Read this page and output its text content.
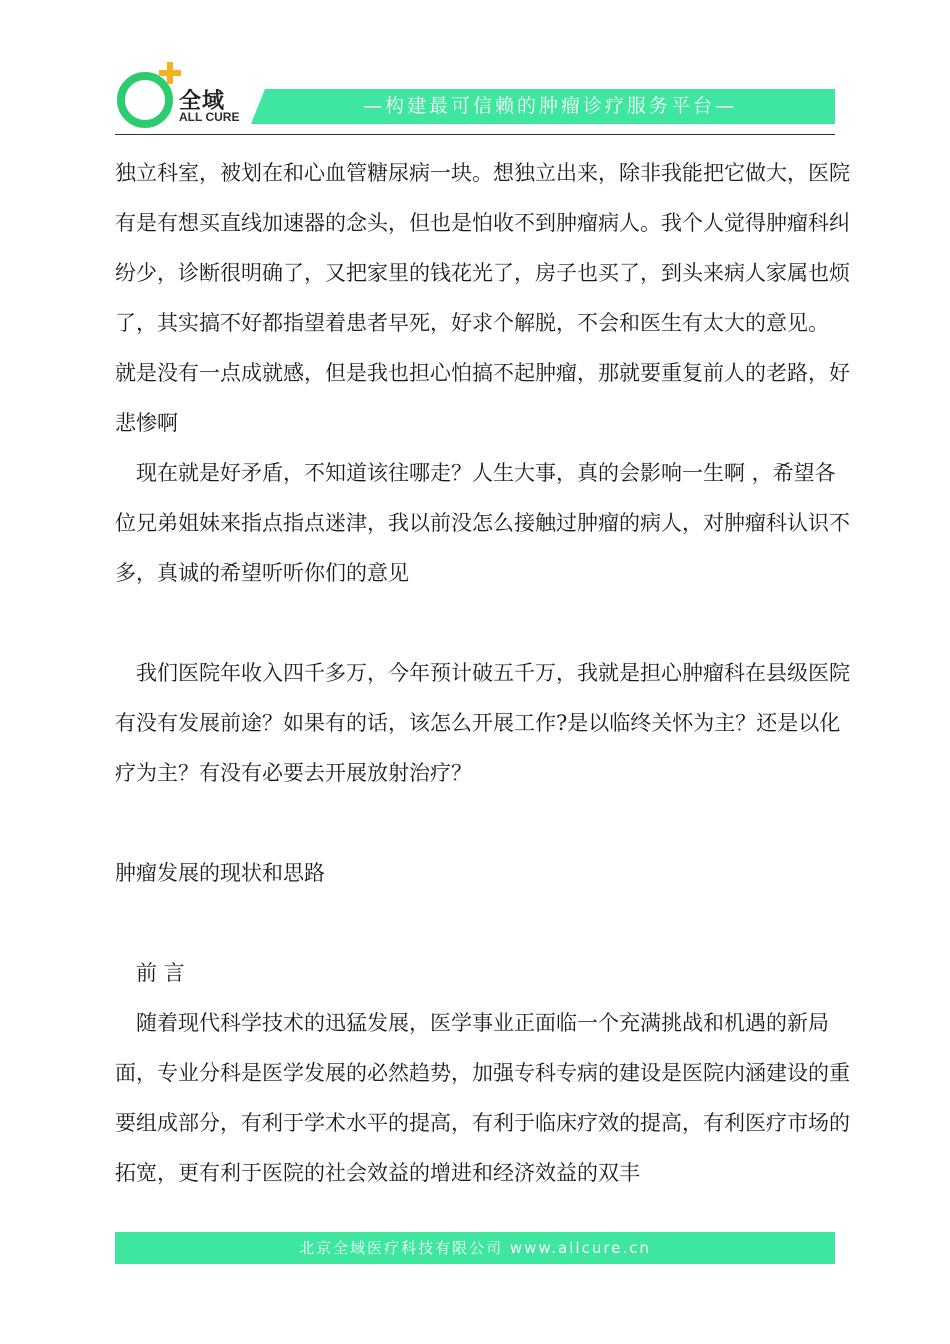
全域
ALL CURE	—构建最可信赖的肿瘤诊疗服务平台—

独立科室，被划在和心血管糖尿病一块。想独立出来，除非我能把它做大，医院有是有想买直线加速器的念头，但也是怕收不到肿瘤病人。我个人觉得肿瘤科纠纷少，诊断很明确了，又把家里的钱花光了，房子也买了，到头来病人家属也烦了，其实搞不好都指望着患者早死，好求个解脱，不会和医生有太大的意见。  就是没有一点成就感，但是我也担心怕搞不起肿瘤，那就要重复前人的老路，好悲惨啊

　现在就是好矛盾，不知道该往哪走？人生大事，真的会影响一生啊 ，希望各位兄弟姐妹来指点指点迷津，我以前没怎么接触过肿瘤的病人，对肿瘤科认识不多，真诚的希望听听你们的意见

　我们医院年收入四千多万，今年预计破五千万，我就是担心肿瘤科在县级医院有没有发展前途？如果有的话，该怎么开展工作?是以临终关怀为主？还是以化疗为主？有没有必要去开展放射治疗？

肿瘤发展的现状和思路

　前 言

　随着现代科学技术的迅猛发展，医学事业正面临一个充满挑战和机遇的新局面，专业分科是医学发展的必然趋势，加强专科专病的建设是医院内涵建设的重要组成部分，有利于学术水平的提高，有利于临床疗效的提高，有利医疗市场的拓宽，更有利于医院的社会效益的增进和经济效益的双丰

北京全域医疗科技有限公司 www.allcure.cn
